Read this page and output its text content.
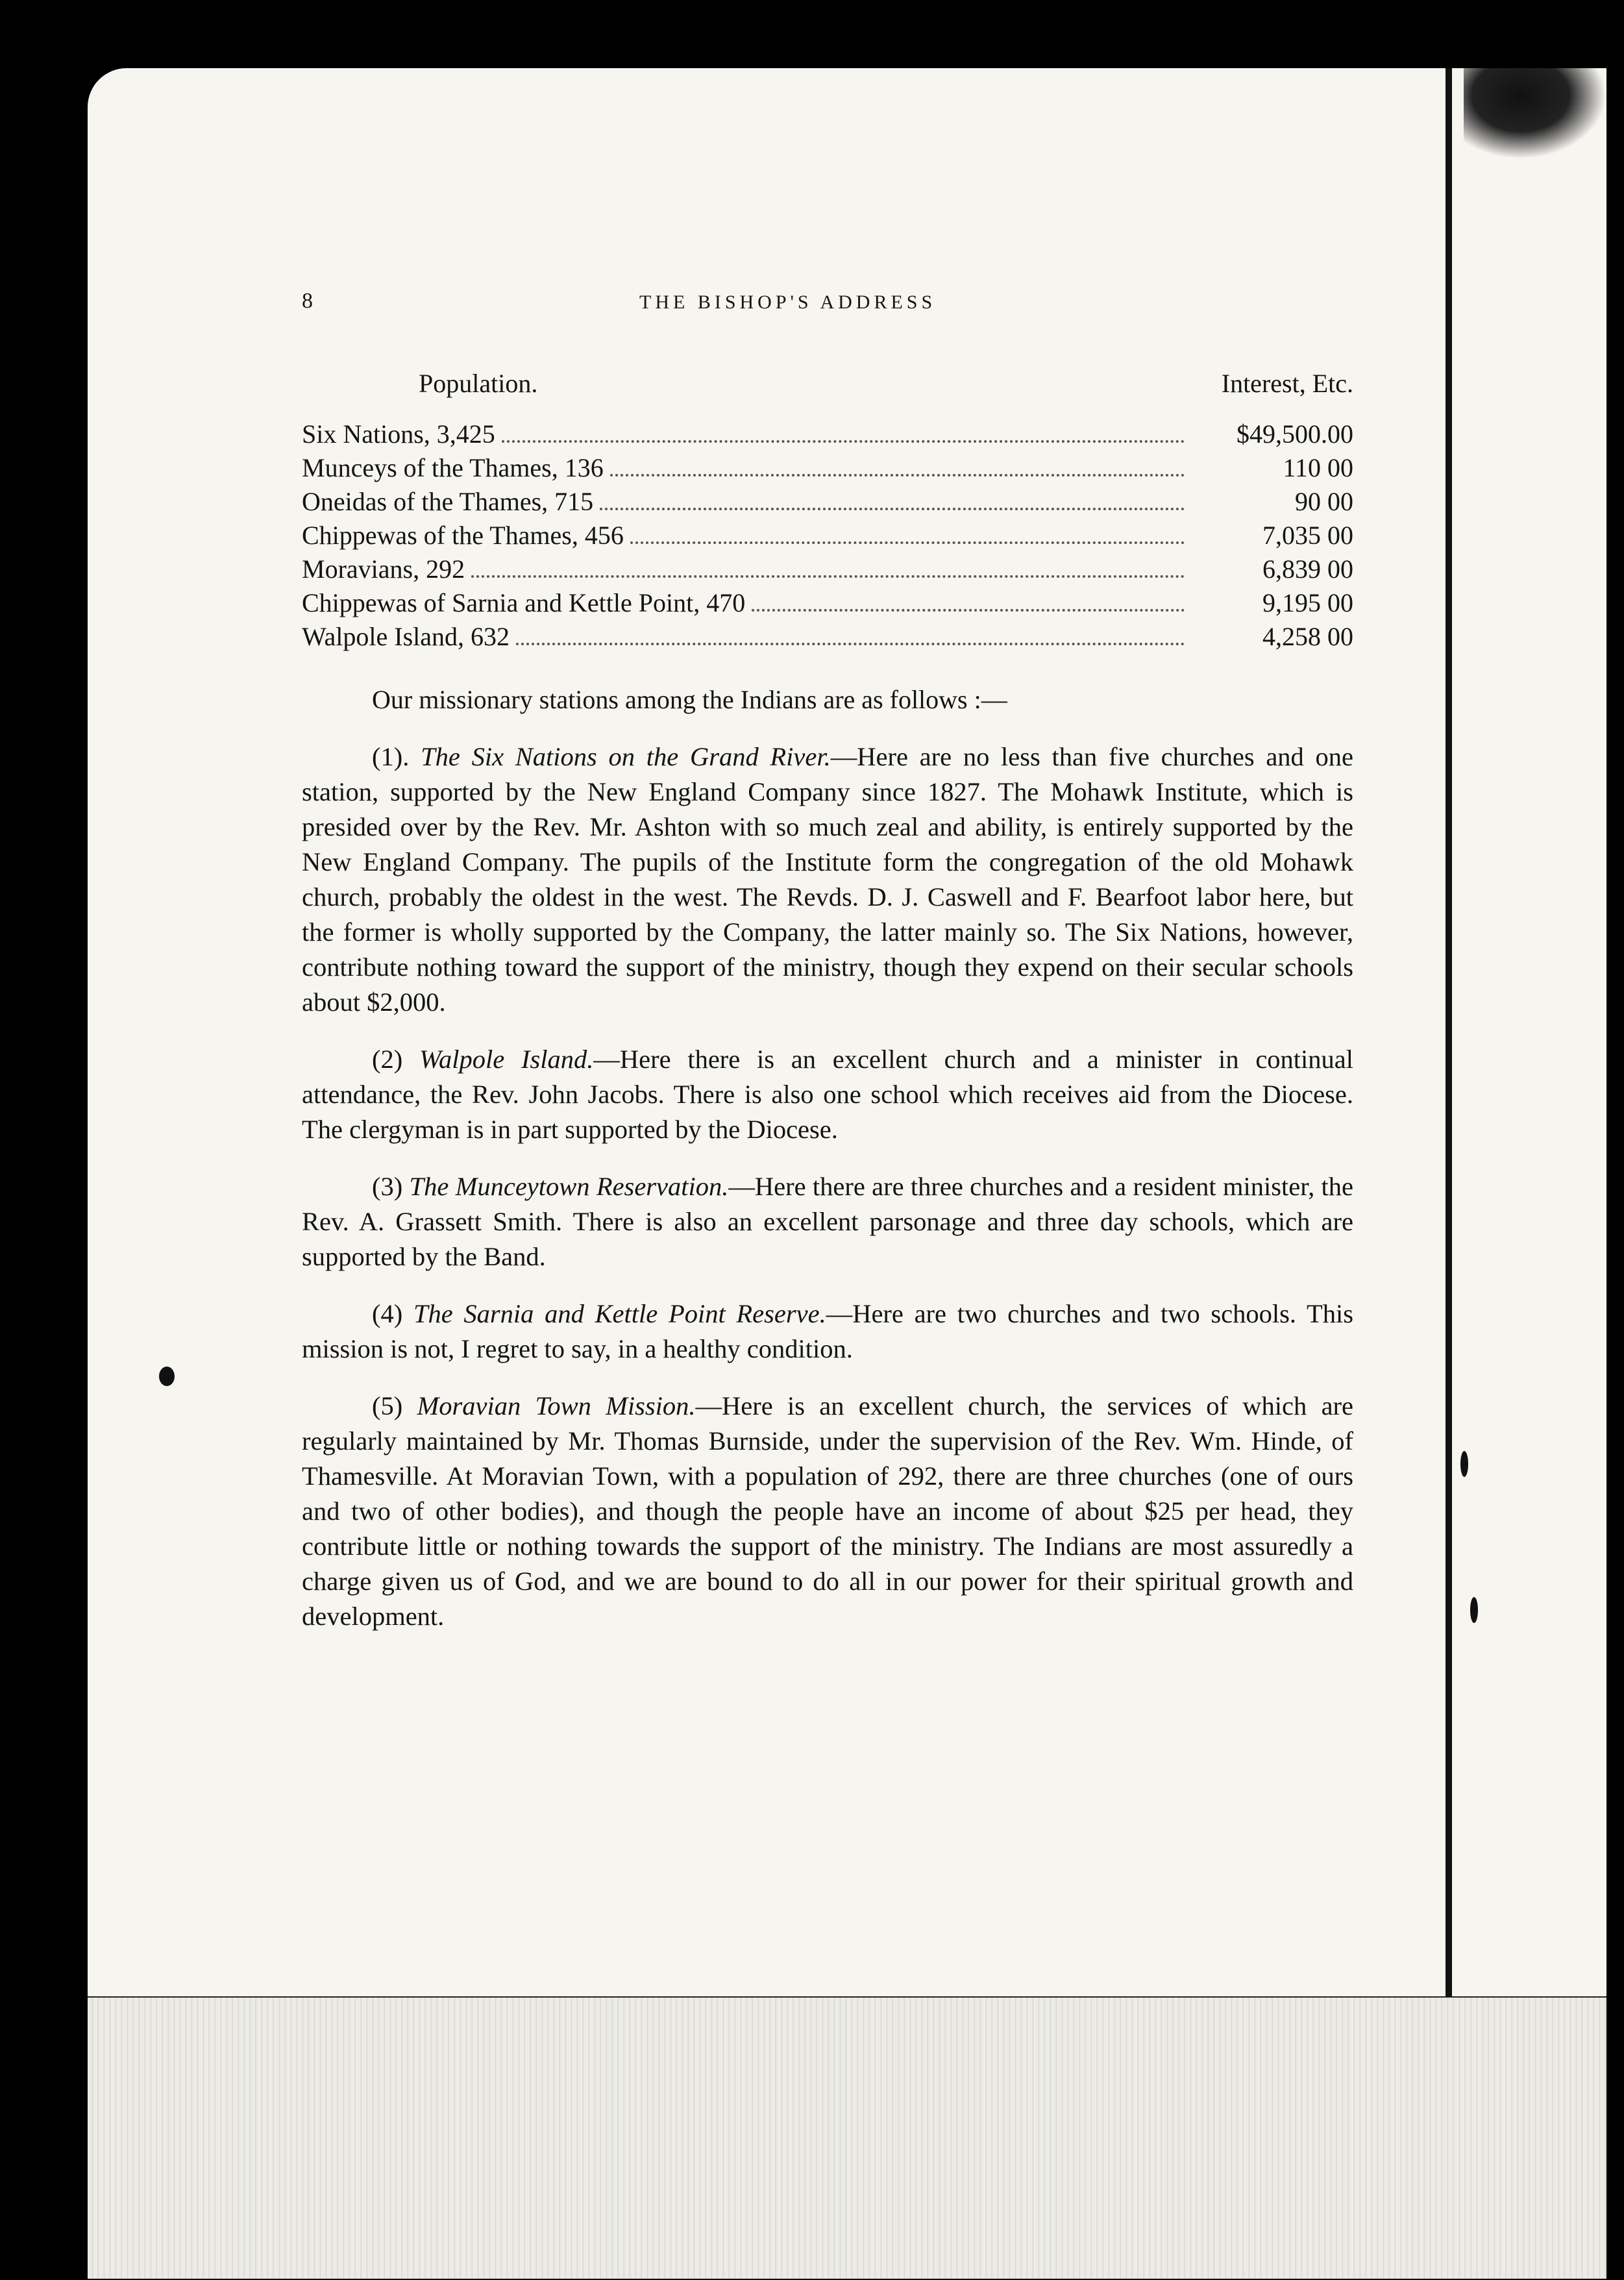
8	THE BISHOP'S ADDRESS
Population.	Interest, Etc.
Six Nations, 3,425	$49,500.00
Munceys of the Thames, 136	110 00
Oneidas of the Thames, 715	90 00
Chippewas of the Thames, 456	7,035 00
Moravians, 292	6,839 00
Chippewas of Sarnia and Kettle Point, 470	9,195 00
Walpole Island, 632	4,258 00

Our missionary stations among the Indians are as follows :—

(1). The Six Nations on the Grand River.—Here are no less than five churches and one station, supported by the New England Company since 1827. The Mohawk Institute, which is presided over by the Rev. Mr. Ashton with so much zeal and ability, is entirely supported by the New England Company. The pupils of the Institute form the congregation of the old Mohawk church, probably the oldest in the west. The Revds. D. J. Caswell and F. Bearfoot labor here, but the former is wholly supported by the Company, the latter mainly so. The Six Nations, however, contribute nothing toward the support of the ministry, though they expend on their secular schools about $2,000.

(2) Walpole Island.—Here there is an excellent church and a minister in continual attendance, the Rev. John Jacobs. There is also one school which receives aid from the Diocese. The clergyman is in part supported by the Diocese.

(3) The Munceytown Reservation.—Here there are three churches and a resident minister, the Rev. A. Grassett Smith. There is also an excellent parsonage and three day schools, which are supported by the Band.

(4) The Sarnia and Kettle Point Reserve.—Here are two churches and two schools. This mission is not, I regret to say, in a healthy condition.

(5) Moravian Town Mission.—Here is an excellent church, the services of which are regularly maintained by Mr. Thomas Burnside, under the supervision of the Rev. Wm. Hinde, of Thamesville. At Moravian Town, with a population of 292, there are three churches (one of ours and two of other bodies), and though the people have an income of about $25 per head, they contribute little or nothing towards the support of the ministry. The Indians are most assuredly a charge given us of God, and we are bound to do all in our power for their spiritual growth and development.
